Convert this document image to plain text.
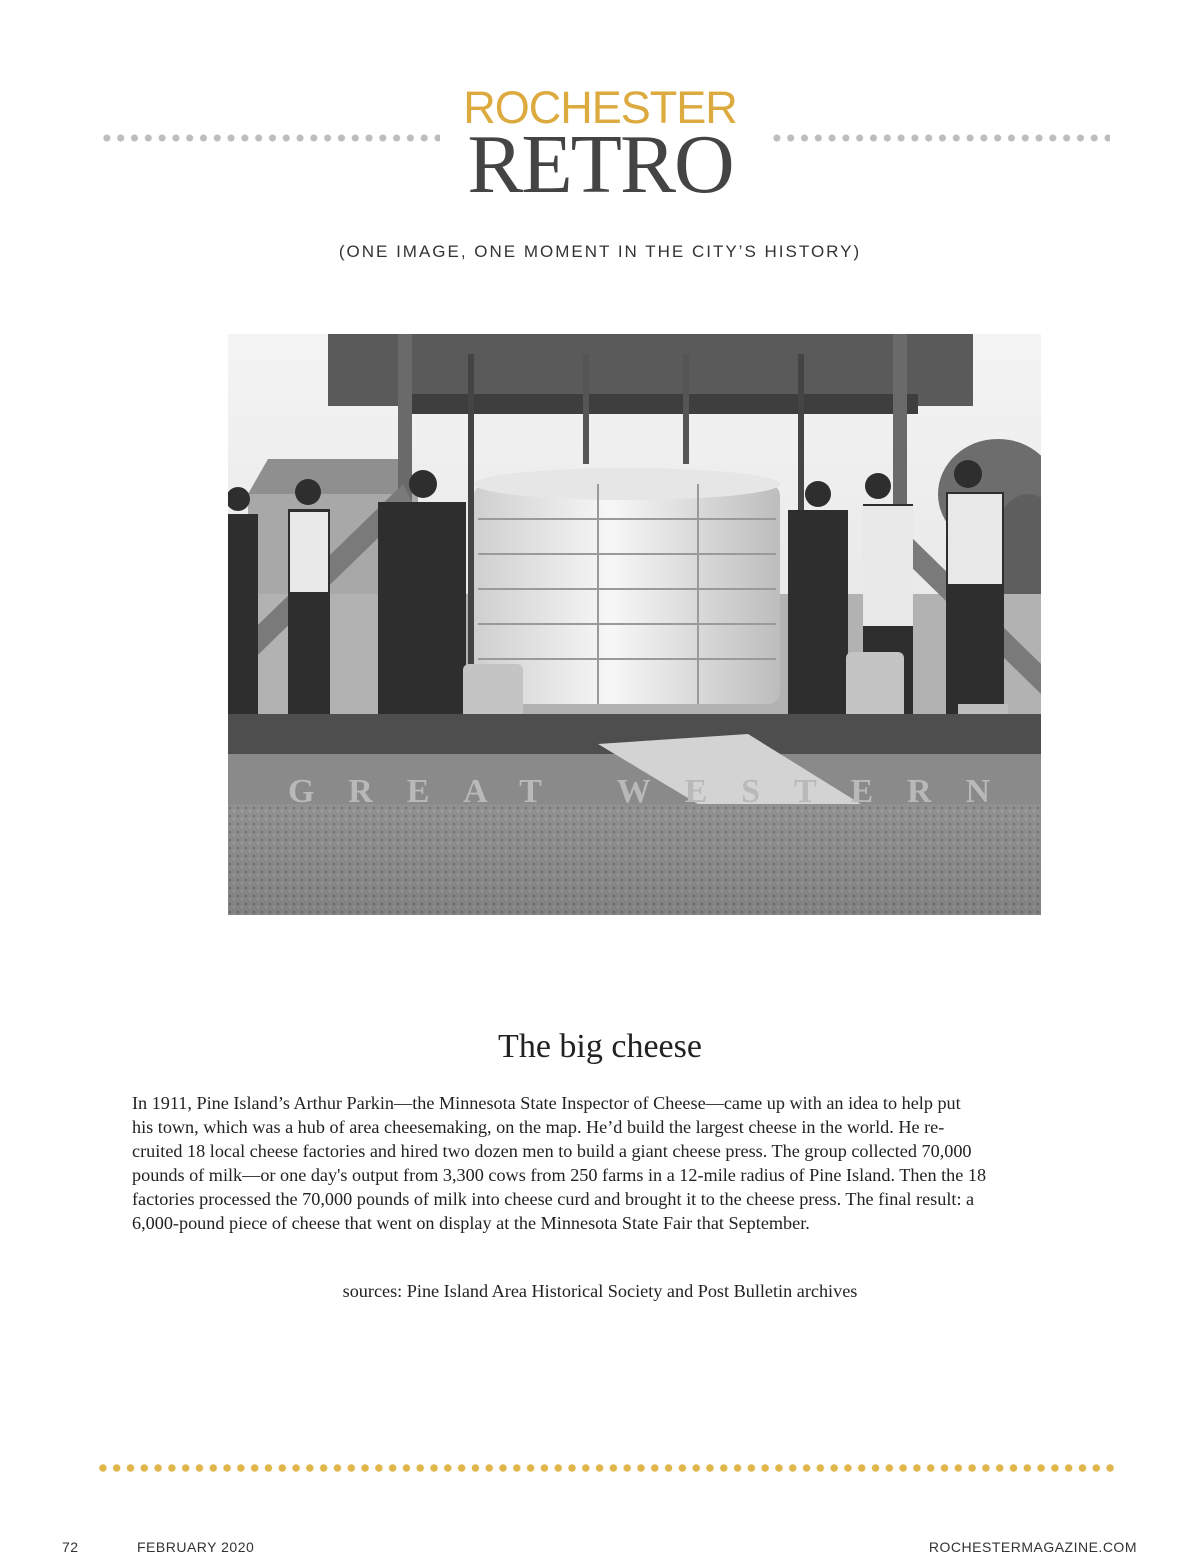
ROCHESTER
RETRO
(ONE IMAGE, ONE MOMENT IN THE CITY’S HISTORY)
GREAT WESTERN
The big cheese
In 1911, Pine Island’s Arthur Parkin—the Minnesota State Inspector of Cheese—came up with an idea to help put
his town, which was a hub of area cheesemaking, on the map. He’d build the largest cheese in the world. He re-
cruited 18 local cheese factories and hired two dozen men to build a giant cheese press. The group collected 70,000
pounds of milk—or one day's output from 3,300 cows from 250 farms in a 12-mile radius of Pine Island. Then the 18
factories processed the 70,000 pounds of milk into cheese curd and brought it to the cheese press. The final result: a
6,000-pound piece of cheese that went on display at the Minnesota State Fair that September.
sources: Pine Island Area Historical Society and Post Bulletin archives
72	FEBRUARY 2020	ROCHESTERMAGAZINE.COM
